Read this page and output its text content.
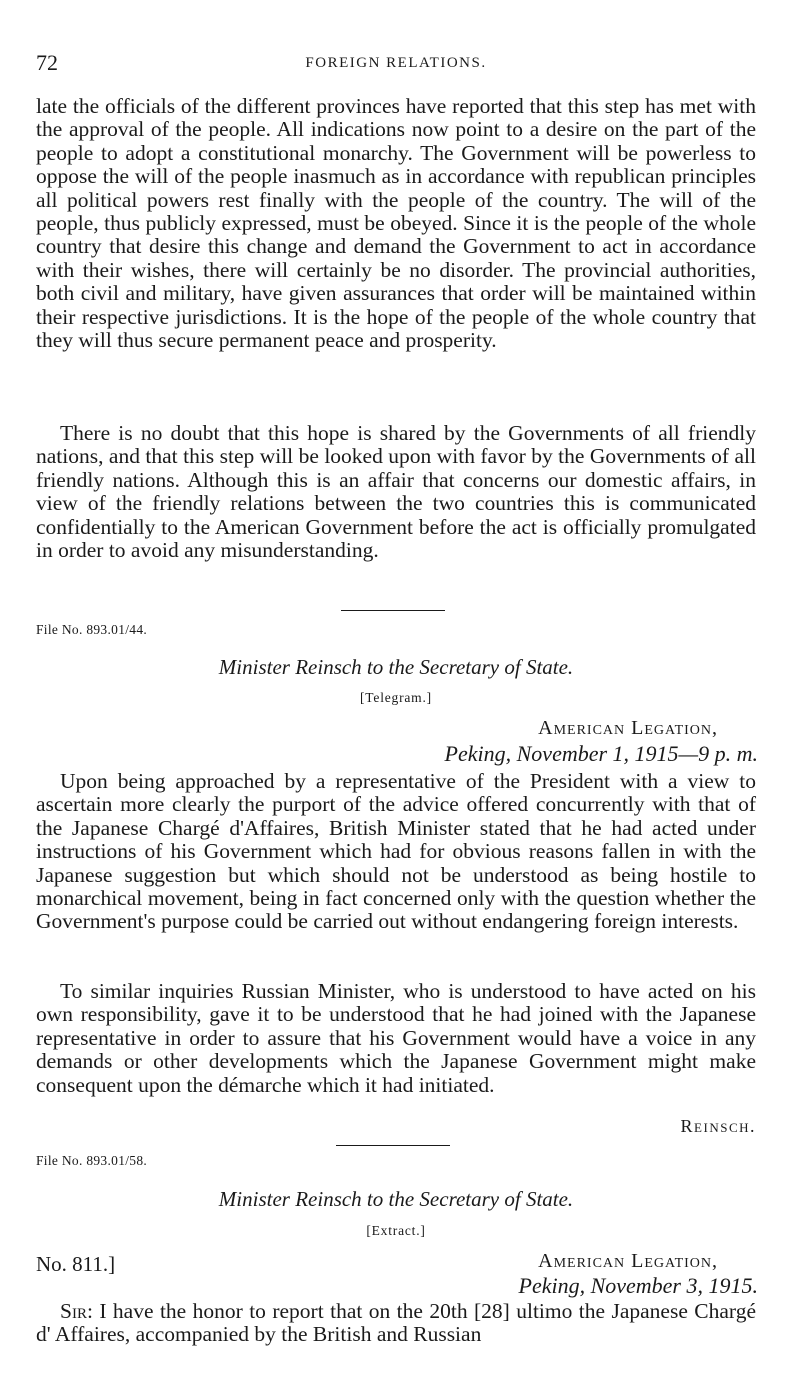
72	FOREIGN RELATIONS.

late the officials of the different provinces have reported that this step has met with the approval of the people. All indications now point to a desire on the part of the people to adopt a constitutional monarchy. The Government will be powerless to oppose the will of the people inasmuch as in accordance with republican principles all political powers rest finally with the people of the country. The will of the people, thus publicly expressed, must be obeyed. Since it is the people of the whole country that desire this change and demand the Government to act in accordance with their wishes, there will certainly be no disorder. The provincial authorities, both civil and military, have given assurances that order will be maintained within their respective jurisdictions. It is the hope of the people of the whole country that they will thus secure permanent peace and prosperity.

There is no doubt that this hope is shared by the Governments of all friendly nations, and that this step will be looked upon with favor by the Governments of all friendly nations. Although this is an affair that concerns our domestic affairs, in view of the friendly relations between the two countries this is communicated confidentially to the American Government before the act is officially promulgated in order to avoid any misunderstanding.

File No. 893.01/44.
Minister Reinsch to the Secretary of State.
[Telegram.]
American Legation,
Peking, November 1, 1915—9 p. m.

Upon being approached by a representative of the President with a view to ascertain more clearly the purport of the advice offered concurrently with that of the Japanese Chargé d'Affaires, British Minister stated that he had acted under instructions of his Government which had for obvious reasons fallen in with the Japanese suggestion but which should not be understood as being hostile to monarchical movement, being in fact concerned only with the question whether the Government's purpose could be carried out without endangering foreign interests.

To similar inquiries Russian Minister, who is understood to have acted on his own responsibility, gave it to be understood that he had joined with the Japanese representative in order to assure that his Government would have a voice in any demands or other developments which the Japanese Government might make consequent upon the démarche which it had initiated.

Reinsch.
File No. 893.01/58.
Minister Reinsch to the Secretary of State.
[Extract.]
No. 811.]	American Legation,
Peking, November 3, 1915.

Sir: I have the honor to report that on the 20th [28] ultimo the Japanese Chargé d' Affaires, accompanied by the British and Russian
